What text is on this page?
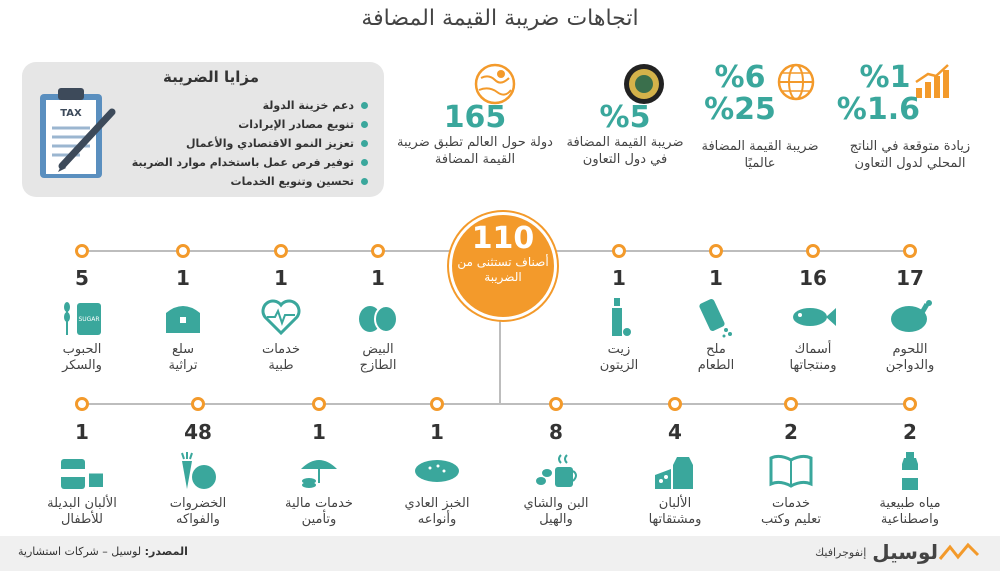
اتجاهات ضريبة القيمة المضافة
مزايا الضريبة
دعم خزينة الدولة
تنويع مصادر الإيرادات
تعزيز النمو الاقتصادي والأعمال
توفير فرص عمل باستخدام موارد الضريبة
تحسين وتنويع الخدمات
TAX	165
دولة حول العالم تطبق ضريبة القيمة المضافة
%5
ضريبة القيمة المضافة في دول التعاون
%6
%25
ضريبة القيمة المضافة عالميًا
%1
%1.6
زيادة متوقعة في الناتج المحلي لدول التعاون
110
أصناف تستثنى من الضريبة	17
اللحوم
والدواجن
16
أسماك
ومنتجاتها
1
ملح
الطعام
1
زيت
الزيتون
1
البيض
الطازج
1
خدمات
طبية
1
سلع
تراثية
5
SUGAR
الحبوب
والسكر
2
مياه طبيعية
واصطناعية
2
خدمات
تعليم وكتب
4
الألبان
ومشتقاتها
8
البن والشاي
والهيل
1
الخبز العادي
وأنواعه
1
خدمات مالية
وتأمين
48
الخضروات
والفواكه
1
الألبان البديلة
للأطفال
المصدر: لوسيل – شركات استشارية	لوسيل
إنفوجرافيك
